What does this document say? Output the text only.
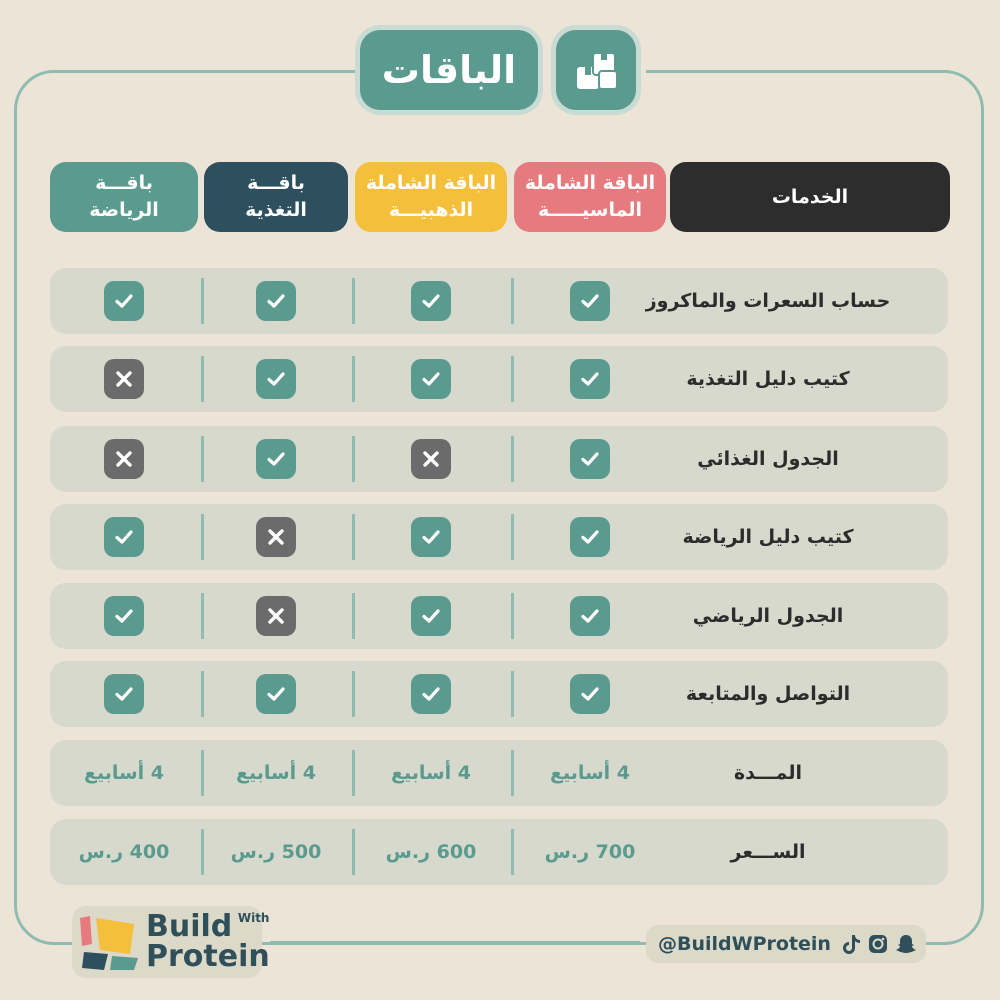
الباقات
الخدمات
الباقة الشاملة
الماسيـــــة
الباقة الشاملة
الذهبيـــة
باقـــة
التغذية
باقـــة
الرياضة
حساب السعرات والماكروز
كتيب دليل التغذية
الجدول الغذائي
كتيب دليل الرياضة
الجدول الرياضي
التواصل والمتابعة
المـــدة
4 أسابيع
4 أسابيع
4 أسابيع
4 أسابيع
الســـعر
700 ر.س
600 ر.س
500 ر.س
400 ر.س
Build $^{With}$
Protein	@BuildWProtein
